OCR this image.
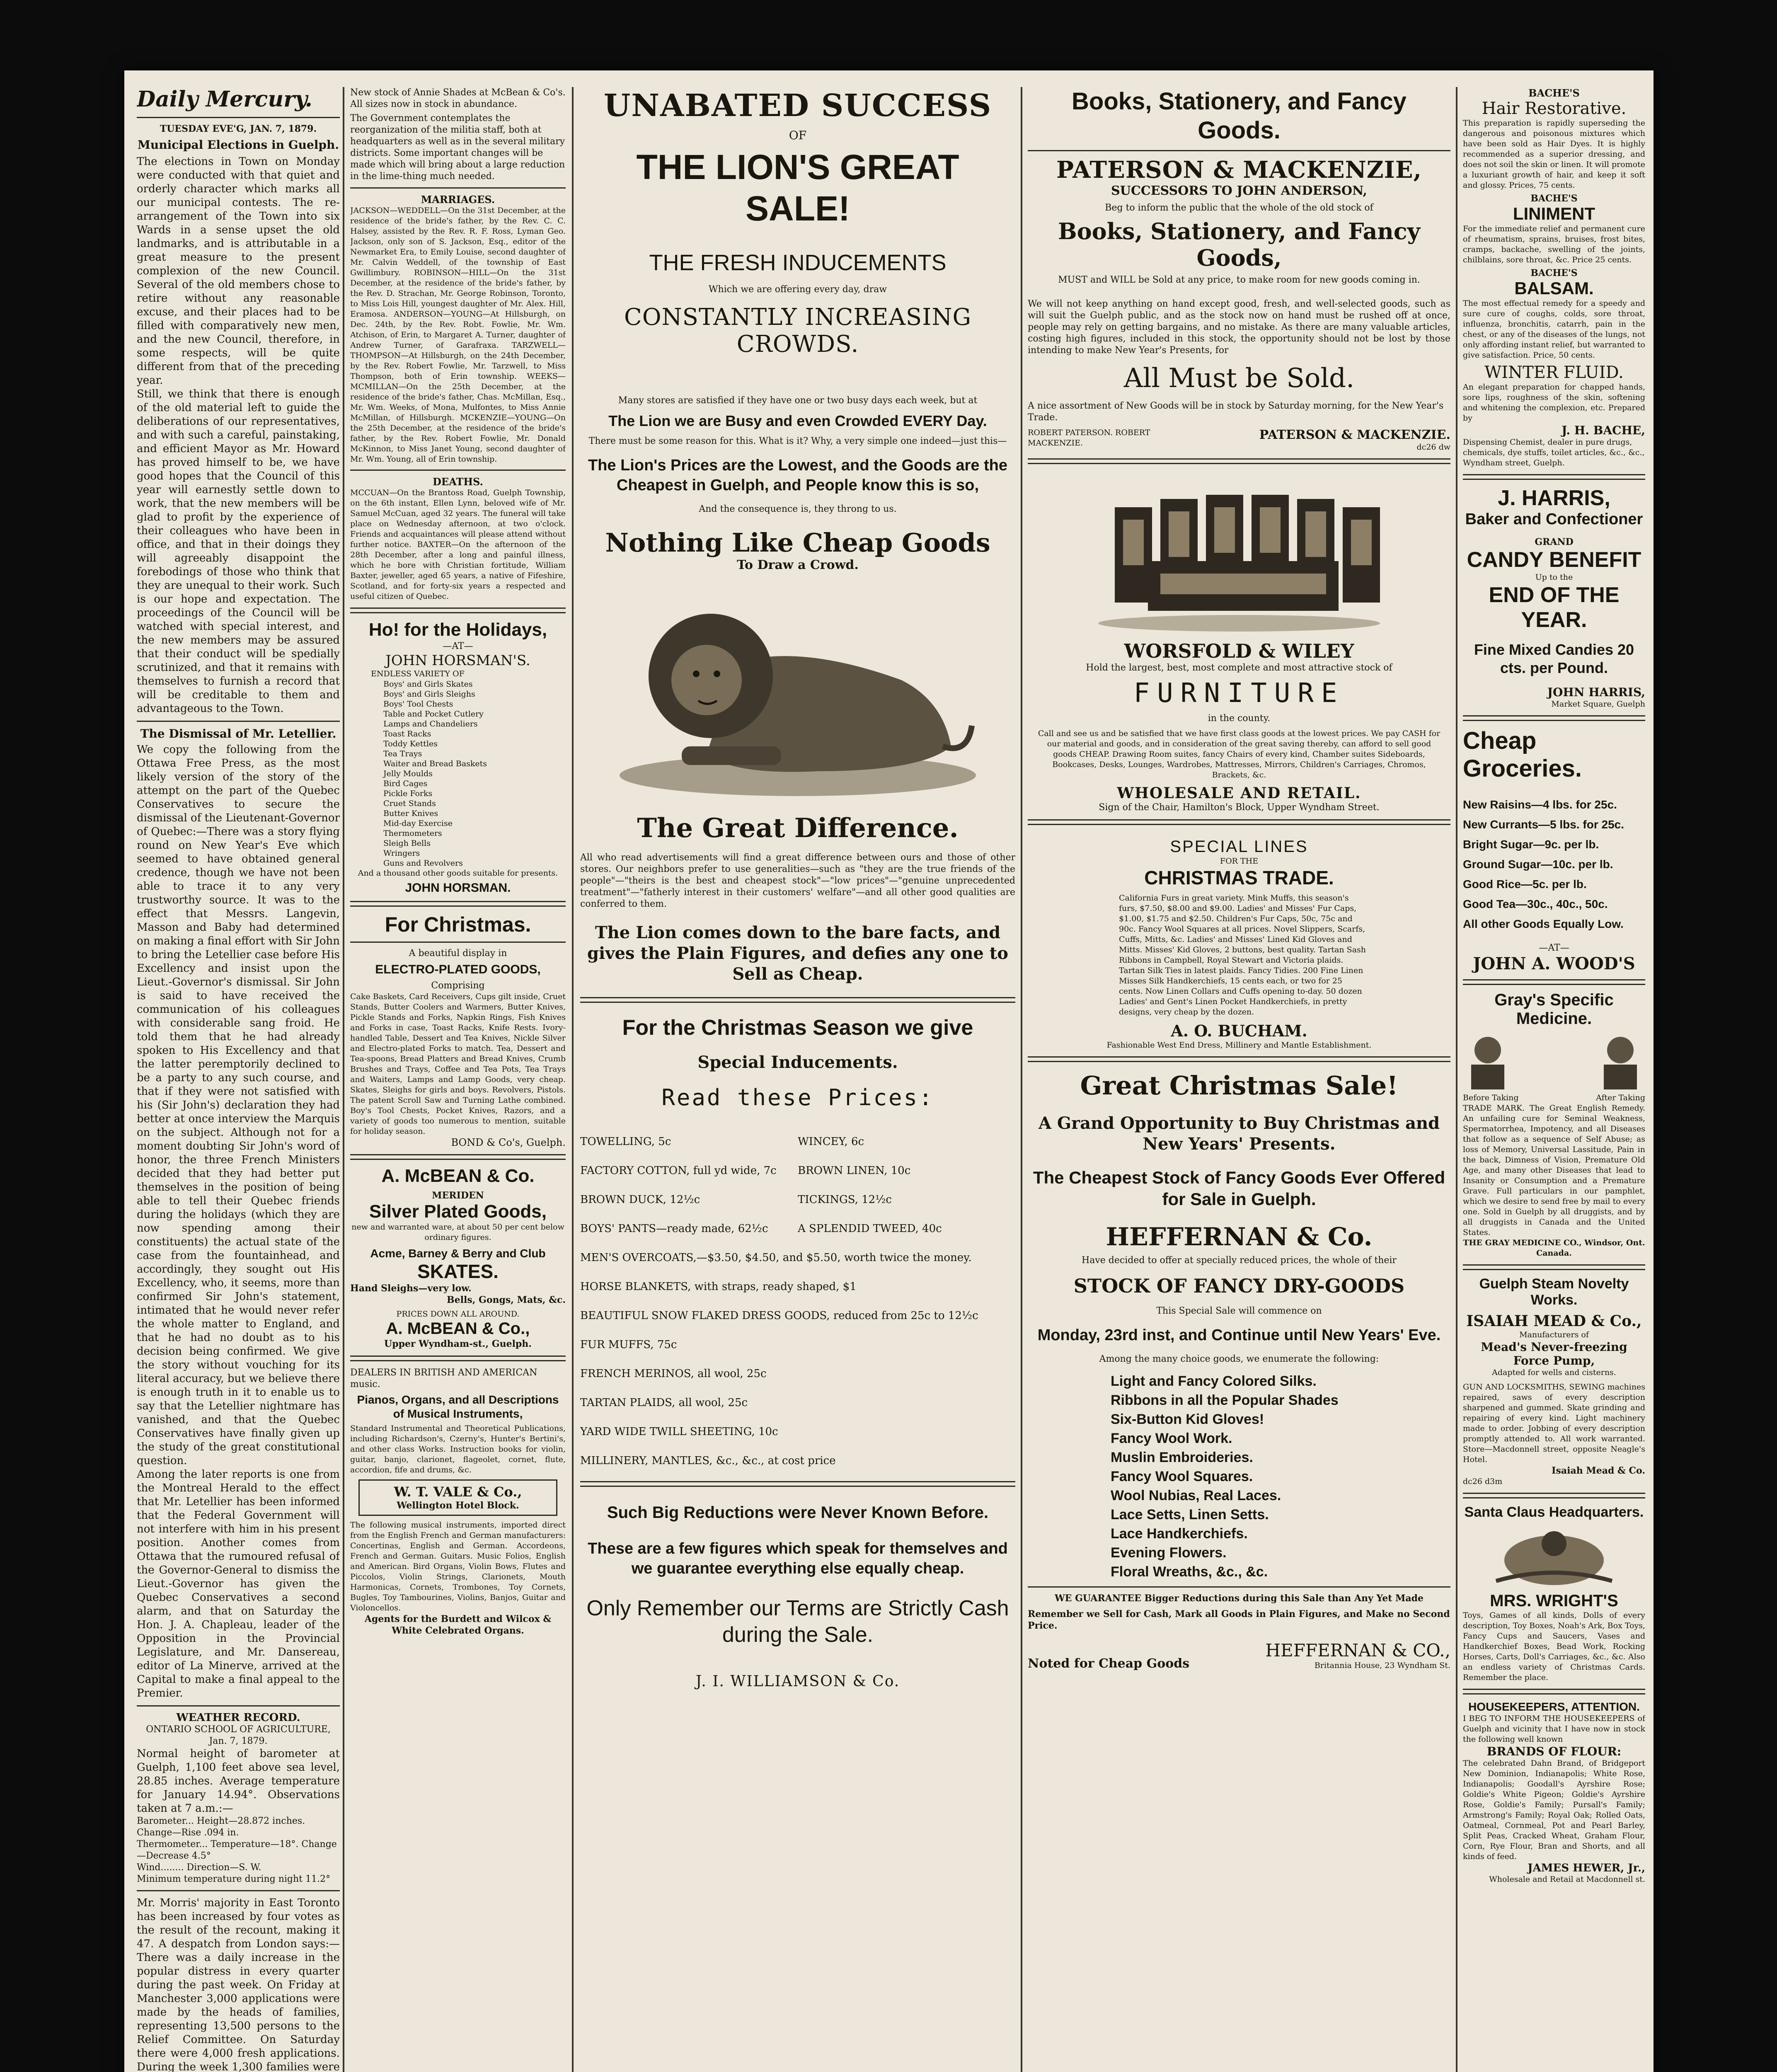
Daily Mercury.
TUESDAY EVE'G, JAN. 7, 1879.
Municipal Elections in Guelph.

The elections in Town on Monday were conducted with that quiet and orderly character which marks all our municipal contests. The re-arrangement of the Town into six Wards in a sense upset the old landmarks, and is attributable in a great measure to the present complexion of the new Council. Several of the old members chose to retire without any reasonable excuse, and their places had to be filled with comparatively new men, and the new Council, therefore, in some respects, will be quite different from that of the preceding year.

Still, we think that there is enough of the old material left to guide the deliberations of our representatives, and with such a careful, painstaking, and efficient Mayor as Mr. Howard has proved himself to be, we have good hopes that the Council of this year will earnestly settle down to work, that the new members will be glad to profit by the experience of their colleagues who have been in office, and that in their doings they will agreeably disappoint the forebodings of those who think that they are unequal to their work. Such is our hope and expectation. The proceedings of the Council will be watched with special interest, and the new members may be assured that their conduct will be spedially scrutinized, and that it remains with themselves to furnish a record that will be creditable to them and advantageous to the Town.

The Dismissal of Mr. Letellier.

We copy the following from the Ottawa Free Press, as the most likely version of the story of the attempt on the part of the Quebec Conservatives to secure the dismissal of the Lieutenant-Governor of Quebec:—There was a story flying round on New Year's Eve which seemed to have obtained general credence, though we have not been able to trace it to any very trustworthy source. It was to the effect that Messrs. Langevin, Masson and Baby had determined on making a final effort with Sir John to bring the Letellier case before His Excellency and insist upon the Lieut.-Governor's dismissal. Sir John is said to have received the communication of his colleagues with considerable sang froid. He told them that he had already spoken to His Excellency and that the latter peremptorily declined to be a party to any such course, and that if they were not satisfied with his (Sir John's) declaration they had better at once interview the Marquis on the subject. Although not for a moment doubting Sir John's word of honor, the three French Ministers decided that they had better put themselves in the position of being able to tell their Quebec friends during the holidays (which they are now spending among their constituents) the actual state of the case from the fountainhead, and accordingly, they sought out His Excellency, who, it seems, more than confirmed Sir John's statement, intimated that he would never refer the whole matter to England, and that he had no doubt as to his decision being confirmed. We give the story without vouching for its literal accuracy, but we believe there is enough truth in it to enable us to say that the Letellier nightmare has vanished, and that the Quebec Conservatives have finally given up the study of the great constitutional question.

Among the later reports is one from the Montreal Herald to the effect that Mr. Letellier has been informed that the Federal Government will not interfere with him in his present position. Another comes from Ottawa that the rumoured refusal of the Governor-General to dismiss the Lieut.-Governor has given the Quebec Conservatives a second alarm, and that on Saturday the Hon. J. A. Chapleau, leader of the Opposition in the Provincial Legislature, and Mr. Dansereau, editor of La Minerve, arrived at the Capital to make a final appeal to the Premier.

WEATHER RECORD.
ONTARIO SCHOOL OF AGRICULTURE, Jan. 7, 1879.

Normal height of barometer at Guelph, 1,100 feet above sea level, 28.85 inches. Average temperature for January 14.94°. Observations taken at 7 a.m.:—

Barometer... Height—28.872 inches. Change—Rise .094 in.

Thermometer... Temperature—18°. Change—Decrease 4.5°

Wind........ Direction—S. W.

Minimum temperature during night 11.2°

Mr. Morris' majority in East Toronto has been increased by four votes as the result of the recount, making it 47. A despatch from London says:—There was a daily increase in the popular distress in every quarter during the past week. On Friday at Manchester 3,000 applications were made by the heads of families, representing 13,500 persons to the Relief Committee. On Saturday there were 4,000 fresh applications. During the week 1,300 families were

New stock of Annie Shades at McBean & Co's. All sizes now in stock in abundance.

The Government contemplates the reorganization of the militia staff, both at headquarters as well as in the several military districts. Some important changes will be made which will bring about a large reduction in the lime-thing much needed.

MARRIAGES.

JACKSON—WEDDELL—On the 31st December, at the residence of the bride's father, by the Rev. C. C. Halsey, assisted by the Rev. R. F. Ross, Lyman Geo. Jackson, only son of S. Jackson, Esq., editor of the Newmarket Era, to Emily Louise, second daughter of Mr. Calvin Weddell, of the township of East Gwillimbury. ROBINSON—HILL—On the 31st December, at the residence of the bride's father, by the Rev. D. Strachan, Mr. George Robinson, Toronto, to Miss Lois Hill, youngest daughter of Mr. Alex. Hill, Eramosa. ANDERSON—YOUNG—At Hillsburgh, on Dec. 24th, by the Rev. Robt. Fowlie, Mr. Wm. Atchison, of Erin, to Margaret A. Turner, daughter of Andrew Turner, of Garafraxa. TARZWELL—THOMPSON—At Hillsburgh, on the 24th December, by the Rev. Robert Fowlie, Mr. Tarzwell, to Miss Thompson, both of Erin township. WEEKS—MCMILLAN—On the 25th December, at the residence of the bride's father, Chas. McMillan, Esq., Mr. Wm. Weeks, of Mona, Mulfontes, to Miss Annie McMillan, of Hillsburgh. MCKENZIE—YOUNG—On the 25th December, at the residence of the bride's father, by the Rev. Robert Fowlie, Mr. Donald McKinnon, to Miss Janet Young, second daughter of Mr. Wm. Young, all of Erin township.

DEATHS.

MCCUAN—On the Brantoss Road, Guelph Township, on the 6th instant, Ellen Lynn, beloved wife of Mr. Samuel McCuan, aged 32 years. The funeral will take place on Wednesday afternoon, at two o'clock. Friends and acquaintances will please attend without further notice. BAXTER—On the afternoon of the 28th December, after a long and painful illness, which he bore with Christian fortitude, William Baxter, jeweller, aged 65 years, a native of Fifeshire, Scotland, and for forty-six years a respected and useful citizen of Quebec.

Ho! for the Holidays,
—AT—
JOHN HORSMAN'S.
ENDLESS VARIETY OF
Boys' and Girls Skates
Boys' and Girls Sleighs
Boys' Tool Chests
Table and Pocket Cutlery
Lamps and Chandeliers
Toast Racks
Toddy Kettles
Tea Trays
Waiter and Bread Baskets
Jelly Moulds
Bird Cages
Pickle Forks
Cruet Stands
Butter Knives
Mid-day Exercise
Thermometers
Sleigh Bells
Wringers
Guns and Revolvers

And a thousand other goods suitable for presents.

JOHN HORSMAN.
For Christmas.
A beautiful display in
ELECTRO-PLATED GOODS,
Comprising

Cake Baskets, Card Receivers, Cups gilt inside, Cruet Stands, Butter Coolers and Warmers, Butter Knives, Pickle Stands and Forks, Napkin Rings, Fish Knives and Forks in case, Toast Racks, Knife Rests. Ivory-handled Table, Dessert and Tea Knives, Nickle Silver and Electro-plated Forks to match. Tea, Dessert and Tea-spoons, Bread Platters and Bread Knives, Crumb Brushes and Trays, Coffee and Tea Pots, Tea Trays and Waiters, Lamps and Lamp Goods, very cheap. Skates, Sleighs for girls and boys. Revolvers, Pistols. The patent Scroll Saw and Turning Lathe combined. Boy's Tool Chests, Pocket Knives, Razors, and a variety of goods too numerous to mention, suitable for holiday season.

BOND & Co's, Guelph.
A. McBEAN & Co.
MERIDEN
Silver Plated Goods,
new and warranted ware, at about 50 per cent below ordinary figures.
Acme, Barney & Berry and Club
SKATES.
Hand Sleighs—very low.
Bells, Gongs, Mats, &c.
PRICES DOWN ALL AROUND.
A. McBEAN & Co.,
Upper Wyndham-st., Guelph.
DEALERS IN BRITISH AND AMERICAN music.
Pianos, Organs, and all Descriptions of Musical Instruments,

Standard Instrumental and Theoretical Publications, including Richardson's, Czerny's, Hunter's Bertini's, and other class Works. Instruction books for violin, guitar, banjo, clarionet, flageolet, cornet, flute, accordion, fife and drums, &c.

W. T. VALE & Co.,
Wellington Hotel Block.

The following musical instruments, imported direct from the English French and German manufacturers: Concertinas, English and German. Accordeons, French and German. Guitars. Music Folios, English and American. Bird Organs, Violin Bows, Flutes and Piccolos, Violin Strings, Clarionets, Mouth Harmonicas, Cornets, Trombones, Toy Cornets, Bugles, Toy Tambourines, Violins, Banjos, Guitar and Violoncellos.

Agents for the Burdett and Wilcox & White Celebrated Organs.
UNABATED SUCCESS
OF
THE LION'S GREAT SALE!
THE FRESH INDUCEMENTS
Which we are offering every day, draw
CONSTANTLY INCREASING CROWDS.
Many stores are satisfied if they have one or two busy days each week, but at
The Lion we are Busy and even Crowded EVERY Day.
There must be some reason for this. What is it? Why, a very simple one indeed—just this—
The Lion's Prices are the Lowest, and the Goods are the Cheapest in Guelph, and People know this is so,
And the consequence is, they throng to us.
Nothing Like Cheap Goods
To Draw a Crowd.
The Great Difference.

All who read advertisements will find a great difference between ours and those of other stores. Our neighbors prefer to use generalities—such as "they are the true friends of the people"—"theirs is the best and cheapest stock"—"low prices"—"genuine unprecedented treatment"—"fatherly interest in their customers' welfare"—and all other good qualities are conferred to them.

The Lion comes down to the bare facts, and gives the Plain Figures, and defies any one to Sell as Cheap.
For the Christmas Season we give
Special Inducements.
Read these Prices:
TOWELLING, 5c	WINCEY, 6c
FACTORY COTTON, full yd wide, 7c	BROWN LINEN, 10c
BROWN DUCK, 12½c	TICKINGS, 12½c
BOYS' PANTS—ready made, 62½c	A SPLENDID TWEED, 40c
MEN'S OVERCOATS,—$3.50, $4.50, and $5.50, worth twice the money.
HORSE BLANKETS, with straps, ready shaped, $1
BEAUTIFUL SNOW FLAKED DRESS GOODS, reduced from 25c to 12½c
FUR MUFFS, 75c
FRENCH MERINOS, all wool, 25c
TARTAN PLAIDS, all wool, 25c
YARD WIDE TWILL SHEETING, 10c
MILLINERY, MANTLES, &c., &c., at cost price
Such Big Reductions were Never Known Before.
These are a few figures which speak for themselves and we guarantee everything else equally cheap.
Only Remember our Terms are Strictly Cash during the Sale.
J. I. WILLIAMSON & Co.
Books, Stationery, and Fancy Goods.
PATERSON & MACKENZIE,
SUCCESSORS TO JOHN ANDERSON,
Beg to inform the public that the whole of the old stock of
Books, Stationery, and Fancy Goods,
MUST and WILL be Sold at any price, to make room for new goods coming in.

We will not keep anything on hand except good, fresh, and well-selected goods, such as will suit the Guelph public, and as the stock now on hand must be rushed off at once, people may rely on getting bargains, and no mistake. As there are many valuable articles, costing high figures, included in this stock, the opportunity should not be lost by those intending to make New Year's Presents, for

All Must be Sold.

A nice assortment of New Goods will be in stock by Saturday morning, for the New Year's Trade.

ROBERT PATERSON. ROBERT MACKENZIE.
PATERSON & MACKENZIE.
dc26 dw
WORSFOLD & WILEY
Hold the largest, best, most complete and most attractive stock of
FURNITURE
in the county.

Call and see us and be satisfied that we have first class goods at the lowest prices. We pay CASH for our material and goods, and in consideration of the great saving thereby, can afford to sell good goods CHEAP. Drawing Room suites, fancy Chairs of every kind, Chamber suites Sideboards, Bookcases, Desks, Lounges, Wardrobes, Mattresses, Mirrors, Children's Carriages, Chromos, Brackets, &c.

WHOLESALE AND RETAIL.
Sign of the Chair, Hamilton's Block, Upper Wyndham Street.
SPECIAL LINES
FOR THE
CHRISTMAS TRADE.

California Furs in great variety. Mink Muffs, this season's furs, $7.50, $8.00 and $9.00. Ladies' and Misses' Fur Caps, $1.00, $1.75 and $2.50. Children's Fur Caps, 50c, 75c and 90c. Fancy Wool Squares at all prices. Novel Slippers, Scarfs, Cuffs, Mitts, &c. Ladies' and Misses' Lined Kid Gloves and Mitts. Misses' Kid Gloves, 2 buttons, best quality. Tartan Sash Ribbons in Campbell, Royal Stewart and Victoria plaids. Tartan Silk Ties in latest plaids. Fancy Tidies. 200 Fine Linen Misses Silk Handkerchiefs, 15 cents each, or two for 25 cents. Now Linen Collars and Cuffs opening to-day. 50 dozen Ladies' and Gent's Linen Pocket Handkerchiefs, in pretty designs, very cheap by the dozen.

A. O. BUCHAM.
Fashionable West End Dress, Millinery and Mantle Establishment.
Great Christmas Sale!
A Grand Opportunity to Buy Christmas and New Years' Presents.
The Cheapest Stock of Fancy Goods Ever Offered for Sale in Guelph.
HEFFERNAN & Co.
Have decided to offer at specially reduced prices, the whole of their
STOCK OF FANCY DRY-GOODS
This Special Sale will commence on
Monday, 23rd inst, and Continue until New Years' Eve.
Among the many choice goods, we enumerate the following:
Light and Fancy Colored Silks.
Ribbons in all the Popular Shades
Six-Button Kid Gloves!
Fancy Wool Work.
Muslin Embroideries.
Fancy Wool Squares.
Wool Nubias, Real Laces.
Lace Setts, Linen Setts.
Lace Handkerchiefs.
Evening Flowers.
Floral Wreaths, &c., &c.
WE GUARANTEE Bigger Reductions during this Sale than Any Yet Made
Remember we Sell for Cash, Mark all Goods in Plain Figures, and Make no Second Price.
Noted for Cheap Goods
HEFFERNAN & CO.,
Britannia House, 23 Wyndham St.
BACHE'S
Hair Restorative.

This preparation is rapidly superseding the dangerous and poisonous mixtures which have been sold as Hair Dyes. It is highly recommended as a superior dressing, and does not soil the skin or linen. It will promote a luxuriant growth of hair, and keep it soft and glossy. Prices, 75 cents.

BACHE'S
LINIMENT

For the immediate relief and permanent cure of rheumatism, sprains, bruises, frost bites, cramps, backache, swelling of the joints, chilblains, sore throat, &c. Price 25 cents.

BACHE'S
BALSAM.

The most effectual remedy for a speedy and sure cure of coughs, colds, sore throat, influenza, bronchitis, catarrh, pain in the chest, or any of the diseases of the lungs, not only affording instant relief, but warranted to give satisfaction. Price, 50 cents.

WINTER FLUID.

An elegant preparation for chapped hands, sore lips, roughness of the skin, softening and whitening the complexion, etc. Prepared by

J. H. BACHE,

Dispensing Chemist, dealer in pure drugs, chemicals, dye stuffs, toilet articles, &c., &c., Wyndham street, Guelph.

J. HARRIS,
Baker and Confectioner
GRAND
CANDY BENEFIT
Up to the
END OF THE YEAR.
Fine Mixed Candies 20 cts. per Pound.
JOHN HARRIS,
Market Square, Guelph
Cheap Groceries.
New Raisins—4 lbs. for 25c.
New Currants—5 lbs. for 25c.
Bright Sugar—9c. per lb.
Ground Sugar—10c. per lb.
Good Rice—5c. per lb.
Good Tea—30c., 40c., 50c.
All other Goods Equally Low.
—AT—
JOHN A. WOOD'S
Gray's Specific Medicine.
Before Taking	After Taking

TRADE MARK. The Great English Remedy. An unfailing cure for Seminal Weakness, Spermatorrhea, Impotency, and all Diseases that follow as a sequence of Self Abuse; as loss of Memory, Universal Lassitude, Pain in the back, Dimness of Vision, Premature Old Age, and many other Diseases that lead to Insanity or Consumption and a Premature Grave. Full particulars in our pamphlet, which we desire to send free by mail to every one. Sold in Guelph by all druggists, and by all druggists in Canada and the United States.

THE GRAY MEDICINE CO., Windsor, Ont. Canada.
Guelph Steam Novelty Works.
ISAIAH MEAD & Co.,
Manufacturers of
Mead's Never-freezing Force Pump,
Adapted for wells and cisterns.

GUN AND LOCKSMITHS, SEWING machines repaired, saws of every description sharpened and gummed. Skate grinding and repairing of every kind. Light machinery made to order. Jobbing of every description promptly attended to. All work warranted. Store—Macdonnell street, opposite Neagle's Hotel.

Isaiah Mead & Co.
dc26 d3m
Santa Claus Headquarters.
MRS. WRIGHT'S

Toys, Games of all kinds, Dolls of every description, Toy Boxes, Noah's Ark, Box Toys, Fancy Cups and Saucers, Vases and Handkerchief Boxes, Bead Work, Rocking Horses, Carts, Doll's Carriages, &c., &c. Also an endless variety of Christmas Cards. Remember the place.

HOUSEKEEPERS, ATTENTION.

I BEG TO INFORM THE HOUSEKEEPERS of Guelph and vicinity that I have now in stock the following well known

BRANDS OF FLOUR:

The celebrated Dahn Brand, of Bridgeport New Dominion, Indianapolis; White Rose, Indianapolis; Goodall's Ayrshire Rose; Goldie's White Pigeon; Goldie's Ayrshire Rose, Goldie's Family; Pursall's Family; Armstrong's Family; Royal Oak; Rolled Oats, Oatmeal, Cornmeal, Pot and Pearl Barley, Split Peas, Cracked Wheat, Graham Flour, Corn, Rye Flour, Bran and Shorts, and all kinds of feed.

JAMES HEWER, Jr.,
Wholesale and Retail at Macdonnell st.
